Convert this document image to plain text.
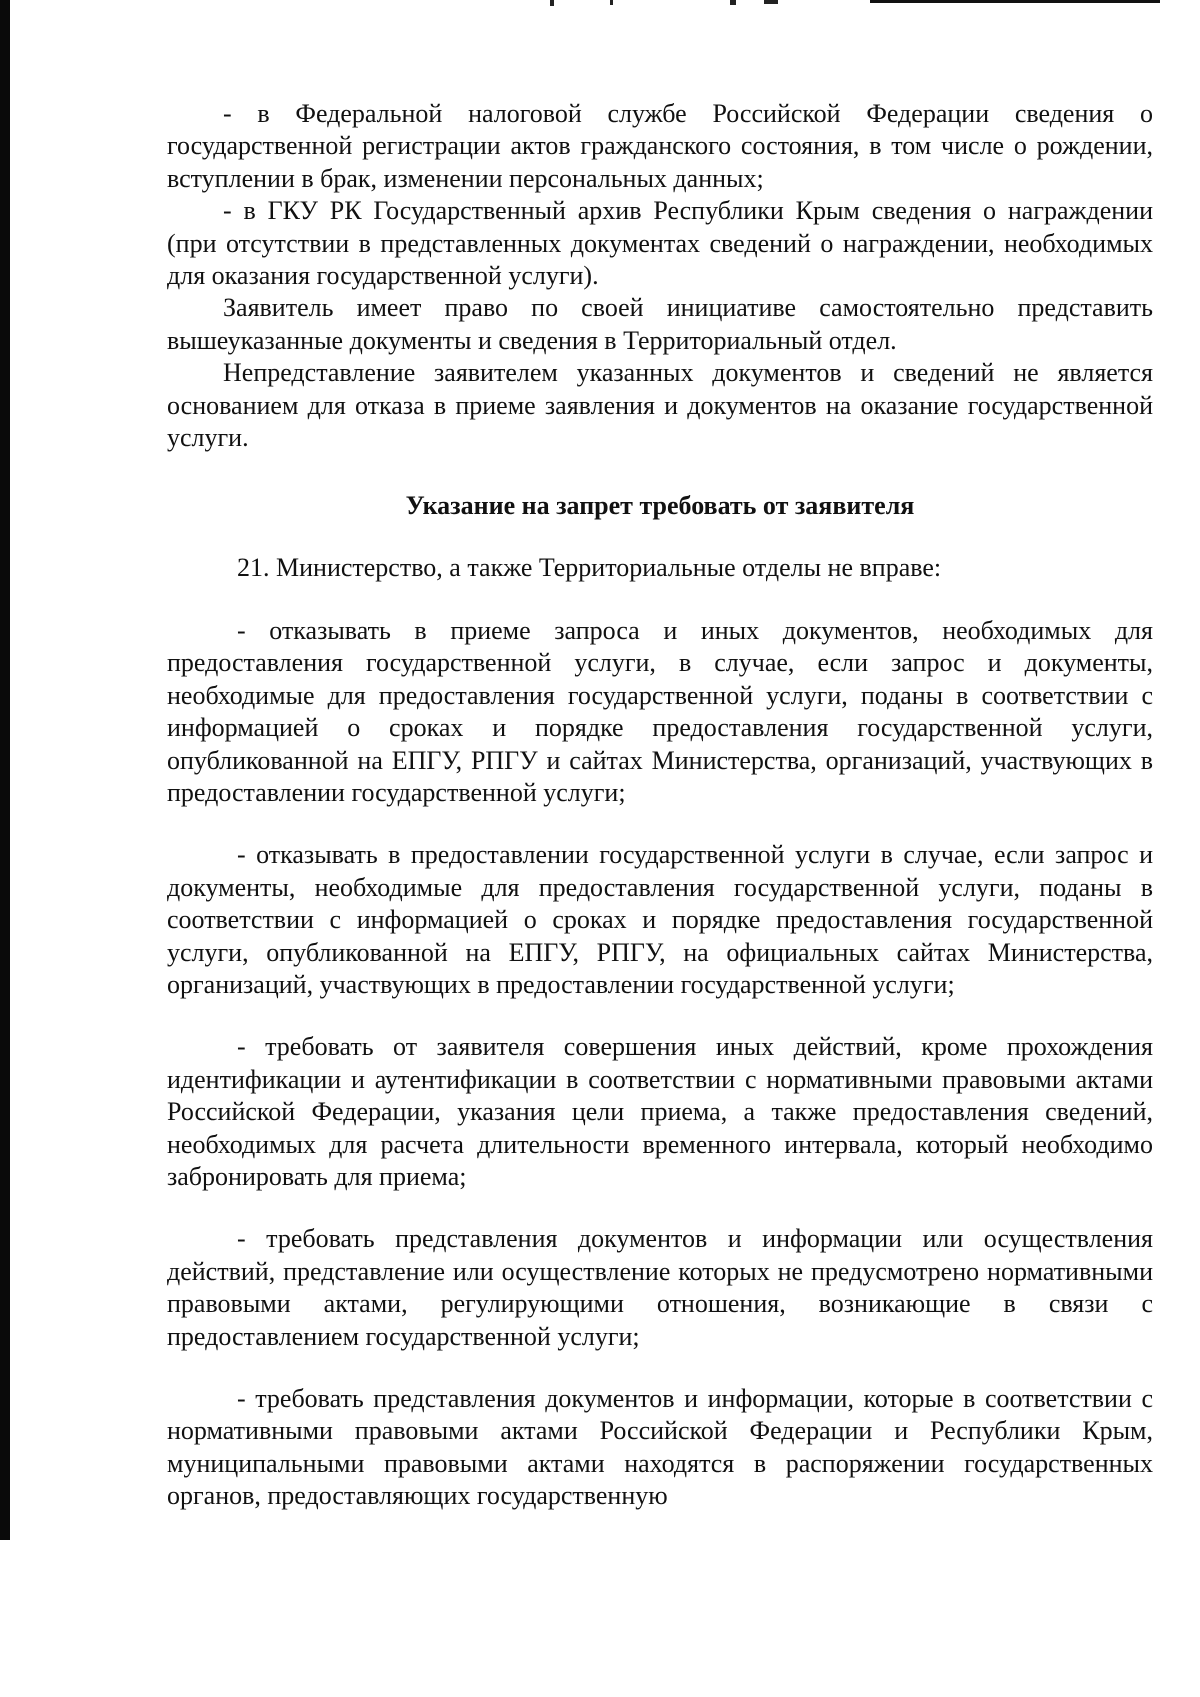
- в Федеральной налоговой службе Российской Федерации сведения о государственной регистрации актов гражданского состояния, в том числе о рождении, вступлении в брак, изменении персональных данных;

- в ГКУ РК Государственный архив Республики Крым сведения о награждении (при отсутствии в представленных документах сведений о награждении, необходимых для оказания государственной услуги).

Заявитель имеет право по своей инициативе самостоятельно представить вышеуказанные документы и сведения в Территориальный отдел.

Непредставление заявителем указанных документов и сведений не является основанием для отказа в приеме заявления и документов на оказание государственной услуги.

Указание на запрет требовать от заявителя

21. Министерство, а также Территориальные отделы не вправе:

- отказывать в приеме запроса и иных документов, необходимых для предоставления государственной услуги, в случае, если запрос и документы, необходимые для предоставления государственной услуги, поданы в соответствии с информацией о сроках и порядке предоставления государственной услуги, опубликованной на ЕПГУ, РПГУ и сайтах Министерства, организаций, участвующих в предоставлении государственной услуги;

- отказывать в предоставлении государственной услуги в случае, если запрос и документы, необходимые для предоставления государственной услуги, поданы в соответствии с информацией о сроках и порядке предоставления государственной услуги, опубликованной на ЕПГУ, РПГУ, на официальных сайтах Министерства, организаций, участвующих в предоставлении государственной услуги;

- требовать от заявителя совершения иных действий, кроме прохождения идентификации и аутентификации в соответствии с нормативными правовыми актами Российской Федерации, указания цели приема, а также предоставления сведений, необходимых для расчета длительности временного интервала, который необходимо забронировать для приема;

- требовать представления документов и информации или осуществления действий, представление или осуществление которых не предусмотрено нормативными правовыми актами, регулирующими отношения, возникающие в связи с предоставлением государственной услуги;

- требовать представления документов и информации, которые в соответствии с нормативными правовыми актами Российской Федерации и Республики Крым, муниципальными правовыми актами находятся в распоряжении государственных органов, предоставляющих государственную
